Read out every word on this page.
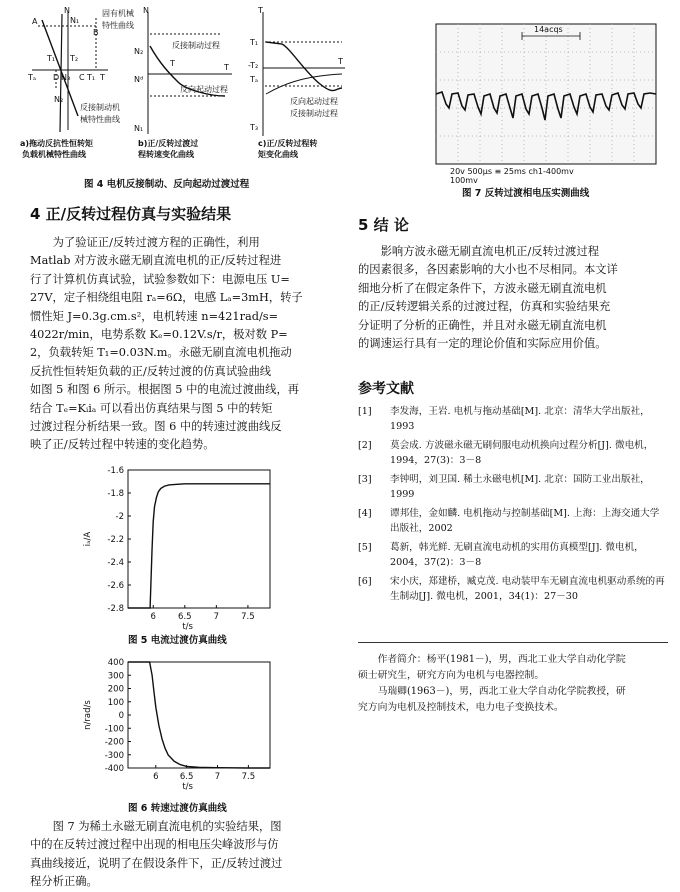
N
N₁
A
B
T₁ T₂
Tₐ D N₃ C T
T₁
N₂
固有机械
特性曲线
反接制动机
械特性曲线
a)拖动反抗性恒转矩
负载机械特性曲线
N
N₂
Nᵈ
N₁
T	T
反接制动过程
反向起动过程
b)正/反转过渡过
程转速变化曲线
T
T₁
-T₂
Tₐ
T₃
T
反向起动过程
反接制动过程
c)正/反转过程转
矩变化曲线
图 4 电机反接制动、反向起动过渡过程
14acqs
20v 500μs ≡ 25ms ch1-400mv
100mv
图 7 反转过渡相电压实测曲线
4 正/反转过程仿真与实验结果
　　为了验证正/反转过渡方程的正确性，利用
Matlab 对方波永磁无刷直流电机的正/反转过程进
行了计算机仿真试验，试验参数如下：电源电压 U=
27V，定子相绕组电阻 rₐ=6Ω，电感 Lₐ=3mH，转子
惯性矩 J=0.3g.cm.s²，电机转速 n=421rad/s=
4022r/min，电势系数 Kₑ=0.12V.s/r，极对数 P=
2，负载转矩 T₁=0.03N.m。永磁无刷直流电机拖动
反抗性恒转矩负载的正/反转过渡的仿真试验曲线
如图 5 和图 6 所示。根据图 5 中的电流过渡曲线，再
结合 Tₑ=Kᵢiₐ 可以看出仿真结果与图 5 中的转矩
过渡过程分析结果一致。图 6 中的转速过渡曲线反
映了正/反转过程中转速的变化趋势。
-1.6
-1.8
-2
-2.2
-2.4
-2.6
-2.8
6	6.5	7	7.5
t/s
iₐ/A
图 5 电流过渡仿真曲线
400
300
200
100
0
-100
-200
-300
-400
6	6.5	7	7.5
t/s
n/rad/s
图 6 转速过渡仿真曲线
　　图 7 为稀土永磁无刷直流电机的实验结果，图
中的在反转过渡过程中出现的相电压尖峰波形与仿
真曲线接近，说明了在假设条件下，正/反转过渡过
程分析正确。
5 结 论
　　影响方波永磁无刷直流电机正/反转过渡过程
的因素很多，各因素影响的大小也不尽相同。本文详
细地分析了在假定条件下，方波永磁无刷直流电机
的正/反转逻辑关系的过渡过程，仿真和实验结果充
分证明了分析的正确性，并且对永磁无刷直流电机
的调速运行具有一定的理论价值和实际应用价值。
参考文献
[1]	李发海，王岩. 电机与拖动基础[M]. 北京：清华大学出版社，1993
[2]	莫会成. 方波磁永磁无刷伺服电动机换向过程分析[J]. 微电机，1994，27(3)：3－8
[3]	李钟明，刘卫国. 稀土永磁电机[M]. 北京：国防工业出版社，1999
[4]	谭邦佳，金如麟. 电机拖动与控制基础[M]. 上海：上海交通大学出版社，2002
[5]	葛新，韩光鲜. 无刷直流电动机的实用仿真模型[J]. 微电机，2004，37(2)：3－8
[6]	宋小庆，郑建桥，臧克茂. 电动装甲车无刷直流电机驱动系统的再生制动[J]. 微电机，2001，34(1)：27－30
　　作者简介：杨平(1981－)，男，西北工业大学自动化学院
硕士研究生，研究方向为电机与电器控制。
　　马瑞卿(1963－)，男，西北工业大学自动化学院教授，研
究方向为电机及控制技术，电力电子变换技术。
